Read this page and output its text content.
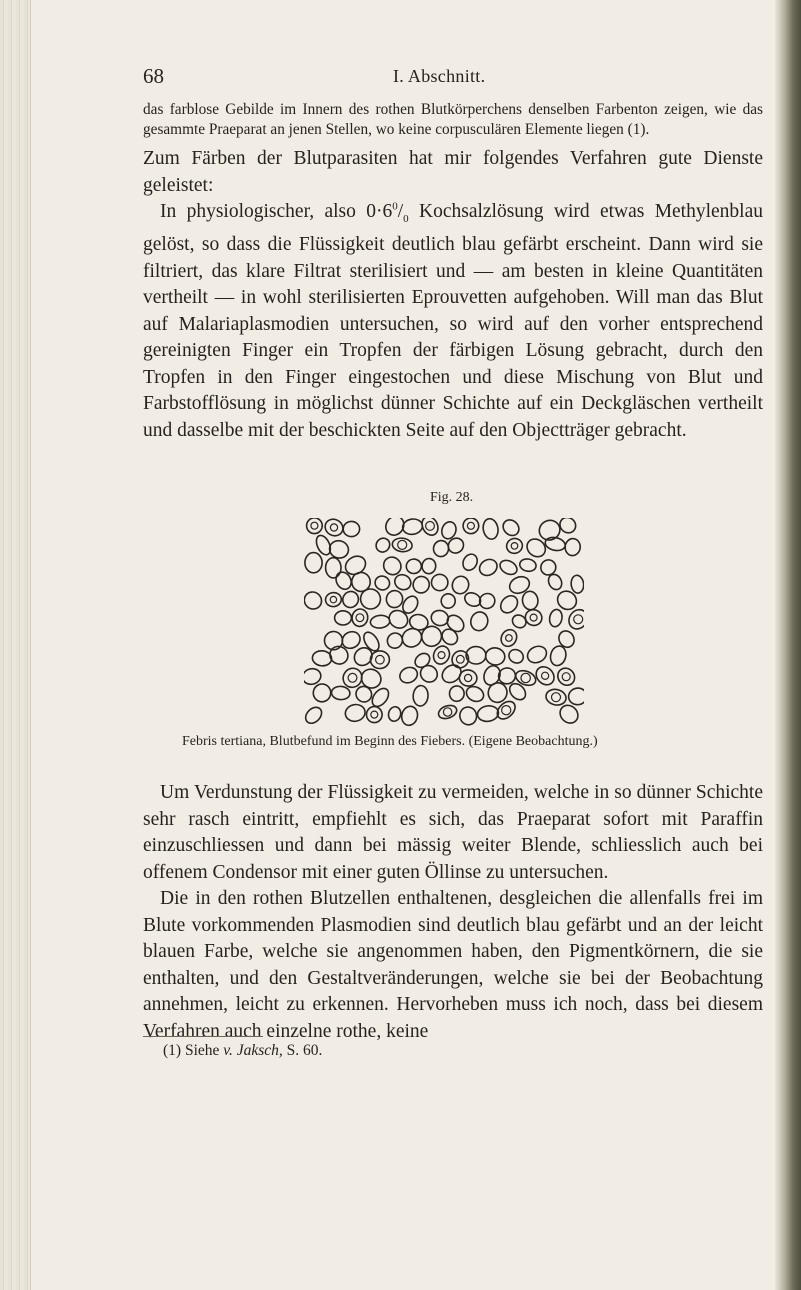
68	I. Abschnitt.
das farblose Gebilde im Innern des rothen Blutkörperchens denselben Farbenton zeigen, wie das gesammte Praeparat an jenen Stellen, wo keine corpusculären Elemente liegen (1).

Zum Färben der Blutparasiten hat mir folgendes Verfahren gute Dienste geleistet:

In physiologischer, also $0\cdot 6^0/_0$ Kochsalzlösung wird etwas Methylenblau gelöst, so dass die Flüssigkeit deutlich blau gefärbt erscheint. Dann wird sie filtriert, das klare Filtrat sterilisiert und — am besten in kleine Quantitäten vertheilt — in wohl sterilisierten Eprouvetten aufgehoben. Will man das Blut auf Malariaplasmodien untersuchen, so wird auf den vorher entsprechend gereinigten Finger ein Tropfen der färbigen Lösung gebracht, durch den Tropfen in den Finger eingestochen und diese Mischung von Blut und Farbstofflösung in möglichst dünner Schichte auf ein Deckgläschen vertheilt und dasselbe mit der beschickten Seite auf den Objectträger gebracht.

Fig. 28.
Febris tertiana, Blutbefund im Beginn des Fiebers. (Eigene Beobachtung.)

Um Verdunstung der Flüssigkeit zu vermeiden, welche in so dünner Schichte sehr rasch eintritt, empfiehlt es sich, das Praeparat sofort mit Paraffin einzuschliessen und dann bei mässig weiter Blende, schliesslich auch bei offenem Condensor mit einer guten Öllinse zu untersuchen.

Die in den rothen Blutzellen enthaltenen, desgleichen die allenfalls frei im Blute vorkommenden Plasmodien sind deutlich blau gefärbt und an der leicht blauen Farbe, welche sie angenommen haben, den Pigmentkörnern, die sie enthalten, und den Gestaltveränderungen, welche sie bei der Beobachtung annehmen, leicht zu erkennen. Hervorheben muss ich noch, dass bei diesem Verfahren auch einzelne rothe, keine

(1) Siehe v. Jaksch, S. 60.
